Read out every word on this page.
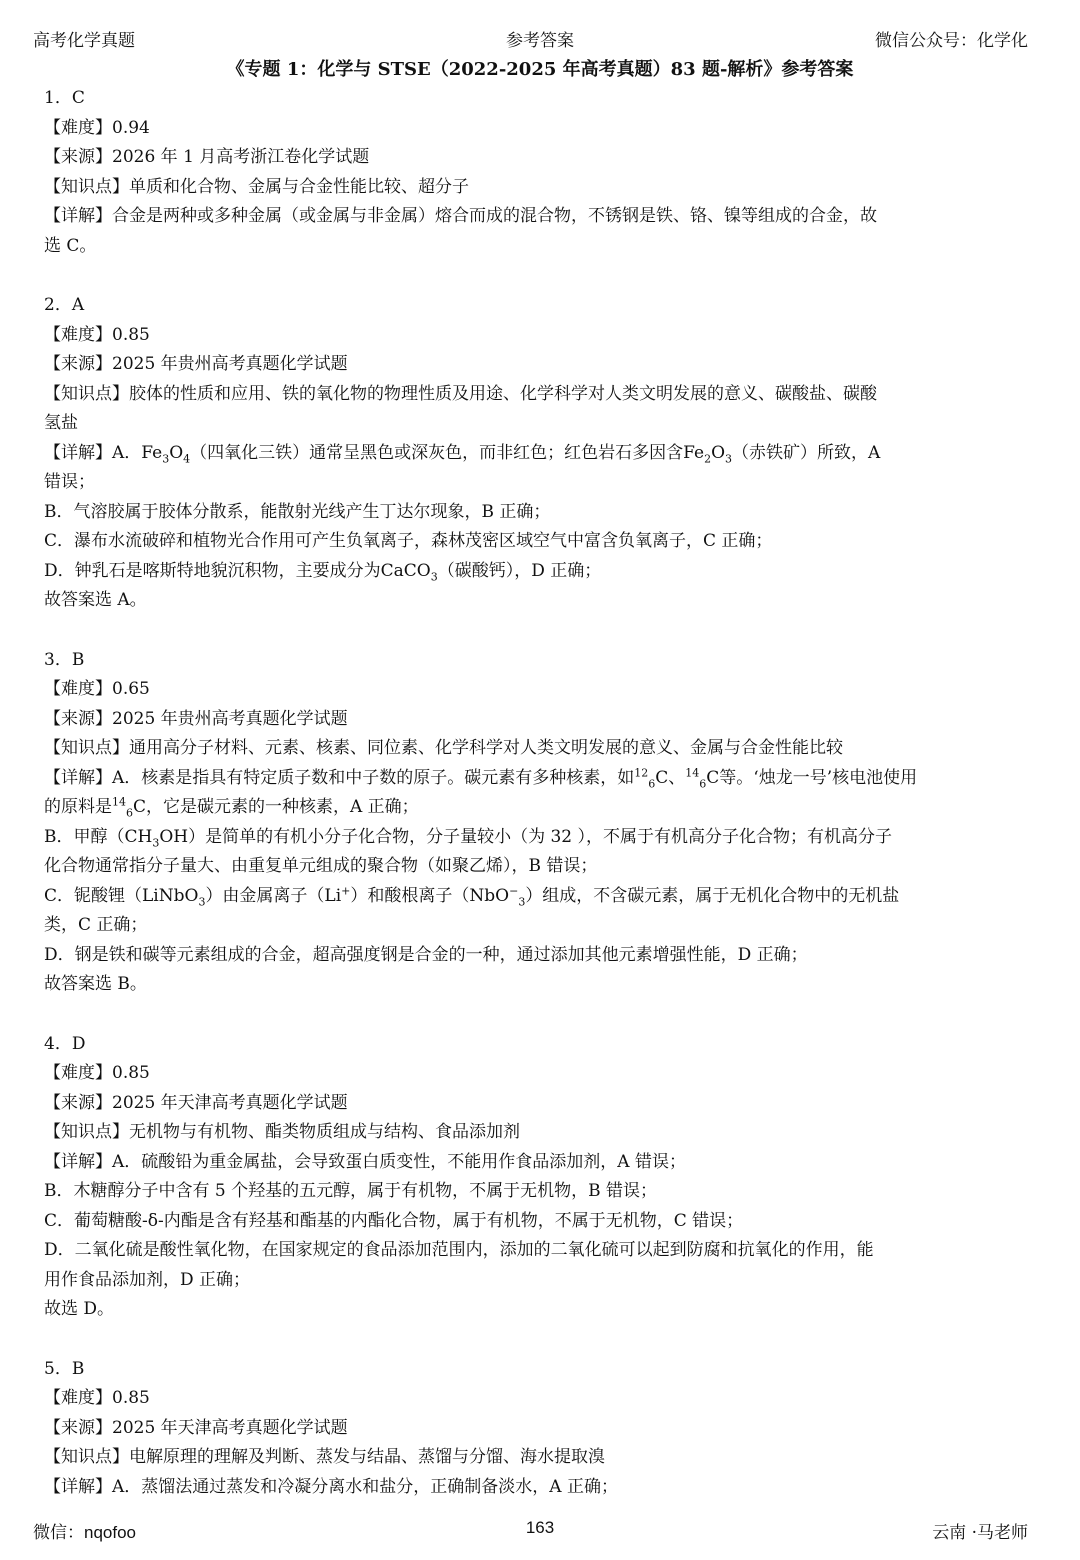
高考化学真题	参考答案	微信公众号：化学化
《专题 1：化学与 STSE（2022-2025 年高考真题）83 题-解析》参考答案
1．C
【难度】0.94
【来源】2026 年 1 月高考浙江卷化学试题
【知识点】单质和化合物、金属与合金性能比较、超分子
【详解】合金是两种或多种金属（或金属与非金属）熔合而成的混合物，不锈钢是铁、铬、镍等组成的合金，故
选 C。
2．A
【难度】0.85
【来源】2025 年贵州高考真题化学试题
【知识点】胶体的性质和应用、铁的氧化物的物理性质及用途、化学科学对人类文明发展的意义、碳酸盐、碳酸
氢盐
【详解】A．$Fe_3O_4$（四氧化三铁）通常呈黑色或深灰色，而非红色；红色岩石多因含$Fe_2O_3$（赤铁矿）所致，A
错误；
B．气溶胶属于胶体分散系，能散射光线产生丁达尔现象，B 正确；
C．瀑布水流破碎和植物光合作用可产生负氧离子，森林茂密区域空气中富含负氧离子，C 正确；
D．钟乳石是喀斯特地貌沉积物，主要成分为CaCO$_3$（碳酸钙），D 正确；
故答案选 A。
3．B
【难度】0.65
【来源】2025 年贵州高考真题化学试题
【知识点】通用高分子材料、元素、核素、同位素、化学科学对人类文明发展的意义、金属与合金性能比较
【详解】A．核素是指具有特定质子数和中子数的原子。碳元素有多种核素，如$^{12}_6$C、$^{14}_6$C等。‘烛龙一号’核电池使用
的原料是$^{14}_6$C，它是碳元素的一种核素，A 正确；
B．甲醇$(CH_3OH)$是简单的有机小分子化合物，分子量较小（为 32 ），不属于有机高分子化合物；有机高分子
化合物通常指分子量大、由重复单元组成的聚合物（如聚乙烯），B 错误；
C．铌酸锂（LiNbO$_3$）由金属离子（Li+）和酸根离子（NbO−$_3$）组成，不含碳元素，属于无机化合物中的无机盐
类，C 正确；
D．钢是铁和碳等元素组成的合金，超高强度钢是合金的一种，通过添加其他元素增强性能，D 正确；
故答案选 B。
4．D
【难度】0.85
【来源】2025 年天津高考真题化学试题
【知识点】无机物与有机物、酯类物质组成与结构、食品添加剂
【详解】A．硫酸铅为重金属盐，会导致蛋白质变性，不能用作食品添加剂，A 错误；
B．木糖醇分子中含有 5 个羟基的五元醇，属于有机物，不属于无机物，B 错误；
C．葡萄糖酸-δ-内酯是含有羟基和酯基的内酯化合物，属于有机物，不属于无机物，C 错误；
D．二氧化硫是酸性氧化物，在国家规定的食品添加范围内，添加的二氧化硫可以起到防腐和抗氧化的作用，能
用作食品添加剂，D 正确；
故选 D。
5．B
【难度】0.85
【来源】2025 年天津高考真题化学试题
【知识点】电解原理的理解及判断、蒸发与结晶、蒸馏与分馏、海水提取溴
【详解】A．蒸馏法通过蒸发和冷凝分离水和盐分，正确制备淡水，A 正确；
微信：nqofoo	163	云南 ·马老师
